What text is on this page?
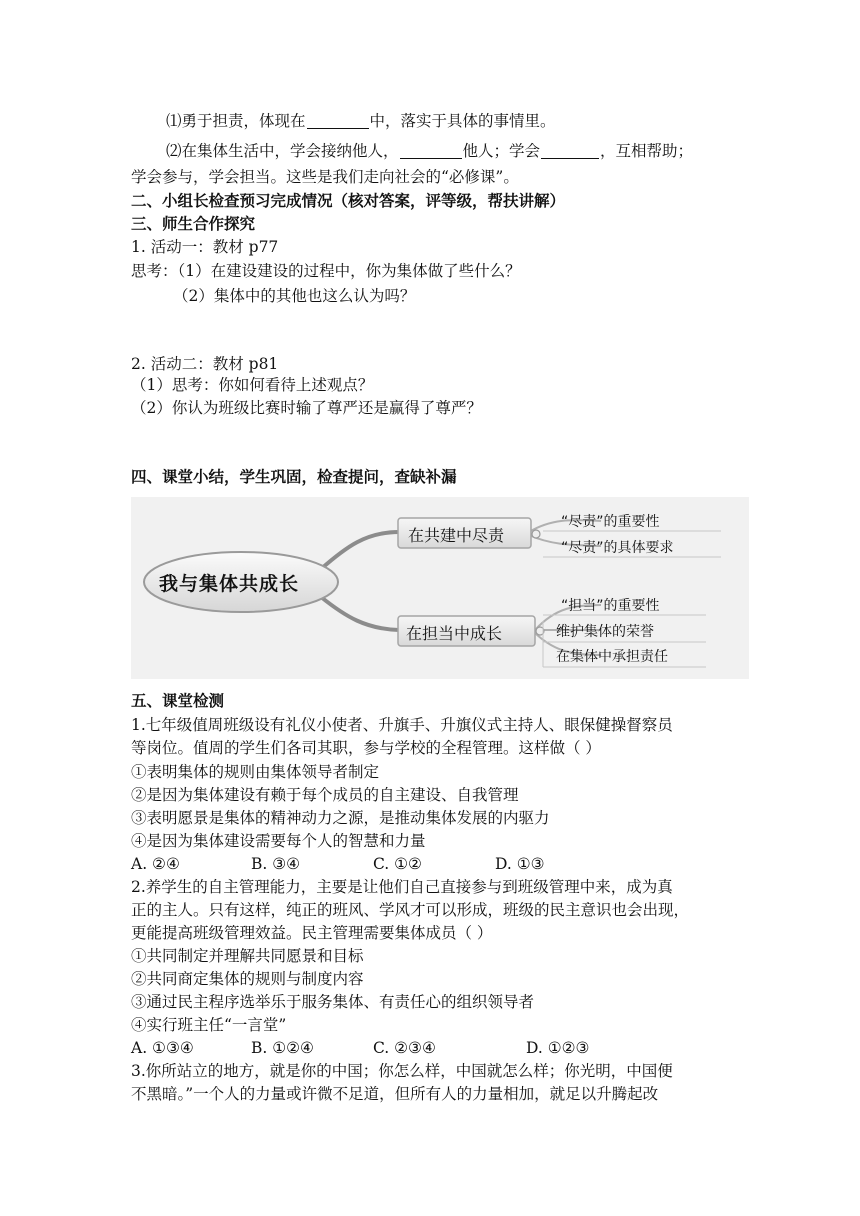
⑴勇于担责，体现在	中，落实于具体的事情里。
⑵在集体生活中，学会接纳他人，	他人；学会	，互相帮助；
学会参与，学会担当。这些是我们走向社会的“必修课”。
二、小组长检查预习完成情况（核对答案，评等级，帮扶讲解）
三、师生合作探究
1. 活动一：教材 p77
思考：（1）在建设建设的过程中，你为集体做了些什么？
（2）集体中的其他也这么认为吗？
2. 活动二：教材 p81
（1）思考：你如何看待上述观点？
（2）你认为班级比赛时输了尊严还是赢得了尊严？
四、课堂小结，学生巩固，检查提问，查缺补漏
我与集体共成长
在共建中尽责
在担当中成长
“尽责”的重要性
“尽责”的具体要求
“担当”的重要性
维护集体的荣誉
在集体中承担责任
五、课堂检测
1.七年级值周班级设有礼仪小使者、升旗手、升旗仪式主持人、眼保健操督察员
等岗位。值周的学生们各司其职，参与学校的全程管理。这样做（ ）
①表明集体的规则由集体领导者制定
②是因为集体建设有赖于每个成员的自主建设、自我管理
③表明愿景是集体的精神动力之源，是推动集体发展的内驱力
④是因为集体建设需要每个人的智慧和力量
A. ②④	B. ③④	C. ①②	D. ①③
2.养学生的自主管理能力，主要是让他们自己直接参与到班级管理中来，成为真
正的主人。只有这样，纯正的班风、学风才可以形成，班级的民主意识也会出现，
更能提高班级管理效益。民主管理需要集体成员（ ）
①共同制定并理解共同愿景和目标
②共同商定集体的规则与制度内容
③通过民主程序选举乐于服务集体、有责任心的组织领导者
④实行班主任“一言堂”
A. ①③④	B. ①②④	C. ②③④	D. ①②③
3.你所站立的地方，就是你的中国；你怎么样，中国就怎么样；你光明，中国便
不黑暗。”一个人的力量或许微不足道，但所有人的力量相加，就足以升腾起改
